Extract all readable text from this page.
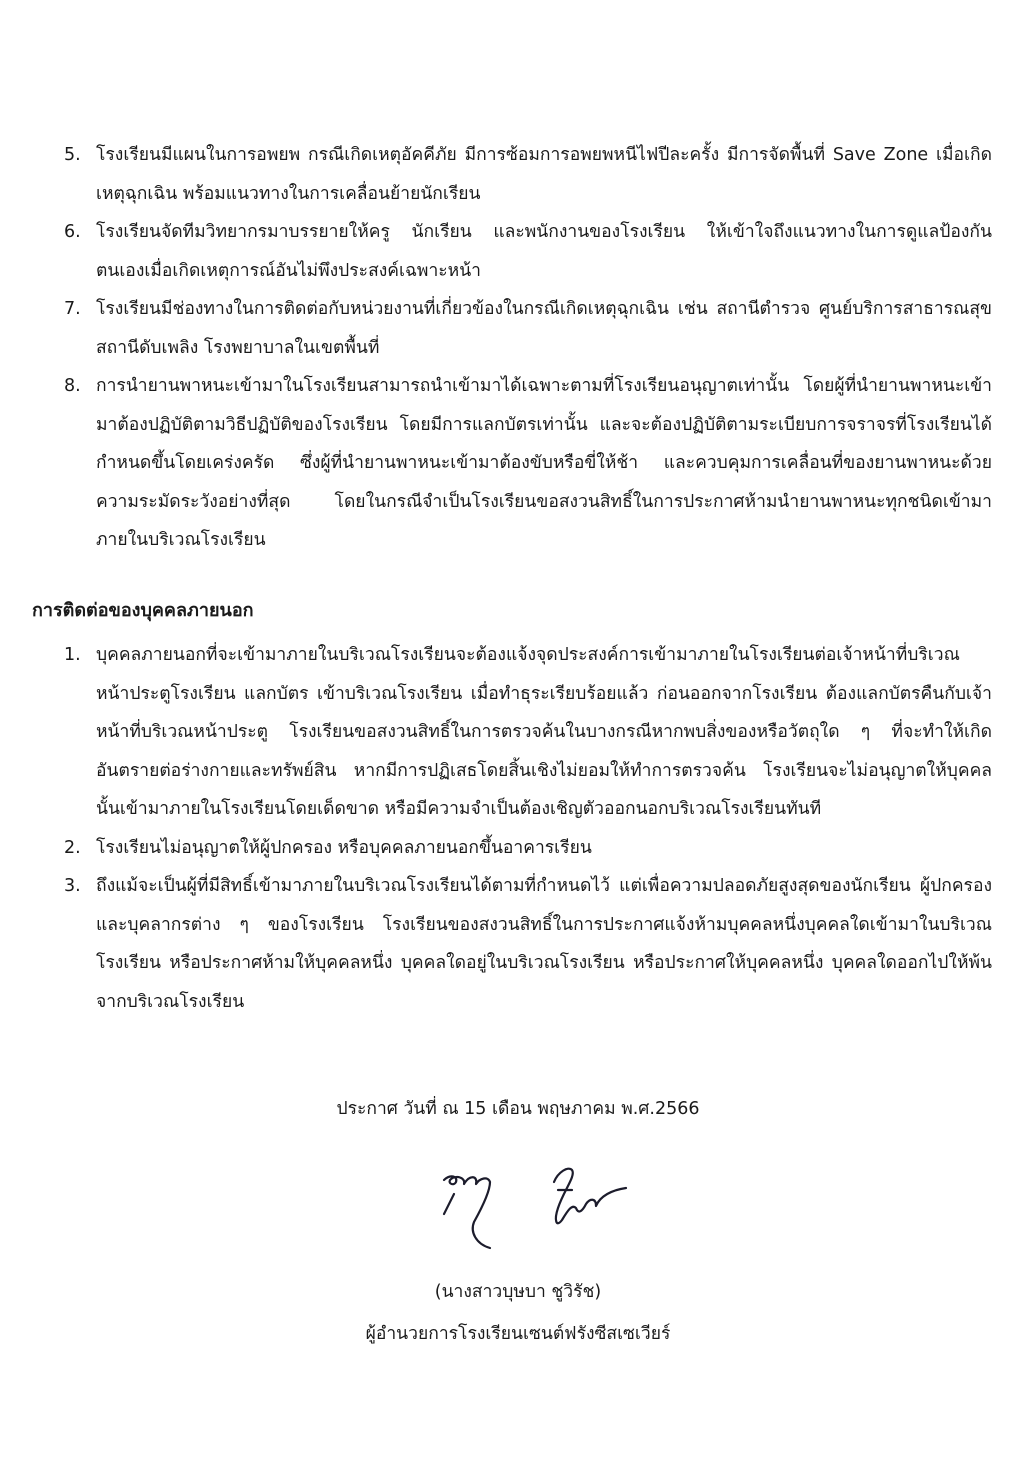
5. โรงเรียนมีแผนในการอพยพ กรณีเกิดเหตุอัคคีภัย มีการซ้อมการอพยพหนีไฟปีละครั้ง มีการจัดพื้นที่ Save Zone เมื่อเกิดเหตุฉุกเฉิน พร้อมแนวทางในการเคลื่อนย้ายนักเรียน
6. โรงเรียนจัดทีมวิทยากรมาบรรยายให้ครู นักเรียน และพนักงานของโรงเรียน ให้เข้าใจถึงแนวทางในการดูแลป้องกันตนเองเมื่อเกิดเหตุการณ์อันไม่พึงประสงค์เฉพาะหน้า
7. โรงเรียนมีช่องทางในการติดต่อกับหน่วยงานที่เกี่ยวข้องในกรณีเกิดเหตุฉุกเฉิน เช่น สถานีตำรวจ ศูนย์บริการสาธารณสุข สถานีดับเพลิง โรงพยาบาลในเขตพื้นที่
8. การนำยานพาหนะเข้ามาในโรงเรียนสามารถนำเข้ามาได้เฉพาะตามที่โรงเรียนอนุญาตเท่านั้น โดยผู้ที่นำยานพาหนะเข้ามาต้องปฏิบัติตามวิธีปฏิบัติของโรงเรียน โดยมีการแลกบัตรเท่านั้น และจะต้องปฏิบัติตามระเบียบการจราจรที่โรงเรียนได้กำหนดขึ้นโดยเคร่งครัด ซึ่งผู้ที่นำยานพาหนะเข้ามาต้องขับหรือขี่ให้ช้า และควบคุมการเคลื่อนที่ของยานพาหนะด้วยความระมัดระวังอย่างที่สุด โดยในกรณีจำเป็นโรงเรียนขอสงวนสิทธิ์ในการประกาศห้ามนำยานพาหนะทุกชนิดเข้ามาภายในบริเวณโรงเรียน
การติดต่อของบุคคลภายนอก
1. บุคคลภายนอกที่จะเข้ามาภายในบริเวณโรงเรียนจะต้องแจ้งจุดประสงค์การเข้ามาภายในโรงเรียนต่อเจ้าหน้าที่บริเวณหน้าประตูโรงเรียน แลกบัตร เข้าบริเวณโรงเรียน เมื่อทำธุระเรียบร้อยแล้ว ก่อนออกจากโรงเรียน ต้องแลกบัตรคืนกับเจ้าหน้าที่บริเวณหน้าประตู โรงเรียนขอสงวนสิทธิ์ในการตรวจค้นในบางกรณีหากพบสิ่งของหรือวัตถุใด ๆ ที่จะทำให้เกิดอันตรายต่อร่างกายและทรัพย์สิน หากมีการปฏิเสธโดยสิ้นเชิงไม่ยอมให้ทำการตรวจค้น โรงเรียนจะไม่อนุญาตให้บุคคลนั้นเข้ามาภายในโรงเรียนโดยเด็ดขาด หรือมีความจำเป็นต้องเชิญตัวออกนอกบริเวณโรงเรียนทันที
2. โรงเรียนไม่อนุญาตให้ผู้ปกครอง หรือบุคคลภายนอกขึ้นอาคารเรียน
3. ถึงแม้จะเป็นผู้ที่มีสิทธิ์เข้ามาภายในบริเวณโรงเรียนได้ตามที่กำหนดไว้ แต่เพื่อความปลอดภัยสูงสุดของนักเรียน ผู้ปกครอง และบุคลากรต่าง ๆ ของโรงเรียน โรงเรียนของสงวนสิทธิ์ในการประกาศแจ้งห้ามบุคคลหนึ่งบุคคลใดเข้ามาในบริเวณโรงเรียน หรือประกาศห้ามให้บุคคลหนึ่ง บุคคลใดอยู่ในบริเวณโรงเรียน หรือประกาศให้บุคคลหนึ่ง บุคคลใดออกไปให้พ้นจากบริเวณโรงเรียน
ประกาศ วันที่ ณ 15 เดือน พฤษภาคม พ.ศ.2566
(นางสาวบุษบา ชูวิรัช)
ผู้อำนวยการโรงเรียนเซนต์ฟรังซีสเซเวียร์
